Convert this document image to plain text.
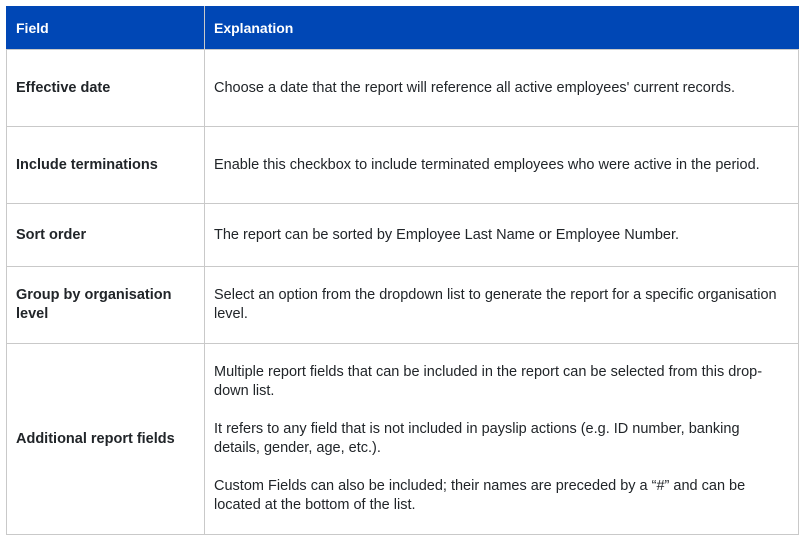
Field	Explanation
Effective date	Choose a date that the report will reference all active employees' current records.

Include terminations	Enable this checkbox to include terminated employees who were active in the period.

Sort order	The report can be sorted by Employee Last Name or Employee Number.

Group by organisation level	Select an option from the dropdown list to generate the report for a specific organisation level.

Additional report fields	Multiple report fields that can be included in the report can be selected from this drop-down list.

It refers to any field that is not included in payslip actions (e.g. ID number, banking details, gender, age, etc.).

Custom Fields can also be included; their names are preceded by a “#” and can be located at the bottom of the list.
